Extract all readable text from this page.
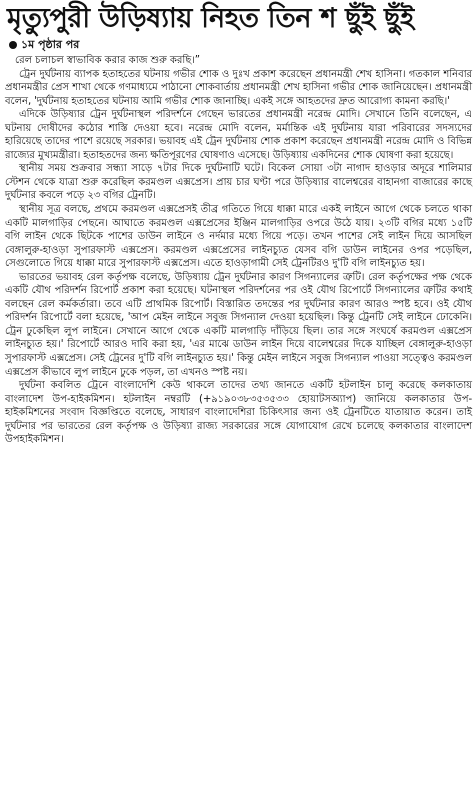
মৃত্যুপুরী উড়িষ্যায় নিহত তিন শ ছুঁই ছুঁই
১ম পৃষ্ঠার পর

রেল চলাচল স্বাভাবিক করার কাজ শুরু করছি।”

ট্রেন দুর্ঘটনায় ব্যাপক হতাহতের ঘটনায় গভীর শোক ও দুঃখ প্রকাশ করেছেন প্রধানমন্ত্রী শেখ হাসিনা। গতকাল শনিবার প্রধানমন্ত্রীর প্রেস শাখা থেকে গণমাধ্যমে পাঠানো শোকবার্তায় প্রধানমন্ত্রী শেখ হাসিনা গভীর শোক জানিয়েছেন। প্রধানমন্ত্রী বলেন, 'দুর্ঘটনায় হতাহতের ঘটনায় আমি গভীর শোক জানাচ্ছি। একই সঙ্গে আহতদের দ্রুত আরোগ্য কামনা করছি।'

এদিকে উড়িষ্যার ট্রেন দুর্ঘটনাস্থল পরিদর্শনে গেছেন ভারতের প্রধানমন্ত্রী নরেন্দ্র মোদি। সেখানে তিনি বলেছেন, এ ঘটনায় দোষীদের কঠোর শাস্তি দেওয়া হবে। নরেন্দ্র মোদি বলেন, মর্মান্তিক এই দুর্ঘটনায় যারা পরিবারের সদস্যদের হারিয়েছে তাদের পাশে রয়েছে সরকার। ভয়াবহ এই ট্রেন দুর্ঘটনায় শোক প্রকাশ করেছেন প্রধানমন্ত্রী নরেন্দ্র মোদি ও বিভিন্ন রাজ্যের মুখ্যমন্ত্রীরা। হতাহতদের জন্য ক্ষতিপূরণের ঘোষণাও এসেছে। উড়িষ্যায় একদিনের শোক ঘোষণা করা হয়েছে।

স্থানীয় সময় শুক্রবার সন্ধ্যা সাড়ে ৭টার দিকে দুর্ঘটনাটি ঘটে। বিকেল সোয়া ৩টা নাগাদ হাওড়ার অদূরে শালিমার স্টেশন থেকে যাত্রা শুরু করেছিল করমণ্ডল এক্সপ্রেস। প্রায় চার ঘণ্টা পরে উড়িষ্যার বালেশ্বরের বাহানগা বাজারের কাছে দুর্ঘটনার কবলে পড়ে ২৩ বগির ট্রেনটি।

স্থানীয় সূত্র বলছে, প্রথমে করমণ্ডল এক্সপ্রেসই তীব্র গতিতে গিয়ে ধাক্কা মারে একই লাইনে আগে থেকে চলতে থাকা একটি মালগাড়ির পেছনে। আঘাতে করমণ্ডল এক্সপ্রেসের ইঞ্জিন মালগাড়ির ওপরে উঠে যায়। ২৩টি বগির মধ্যে ১৫টি বগি লাইন থেকে ছিটকে পাশের ডাউন লাইনে ও নর্দমার মধ্যে গিয়ে পড়ে। তখন পাশের সেই লাইন দিয়ে আসছিল বেঙ্গালুরু-হাওড়া সুপারফাস্ট এক্সপ্রেস। করমণ্ডল এক্সপ্রেসের লাইনচ্যুত যেসব বগি ডাউন লাইনের ওপর পড়েছিল, সেগুলোতে গিয়ে ধাক্কা মারে সুপারফাস্ট এক্সপ্রেস। এতে হাওড়াগামী সেই ট্রেনটিরও দু'টি বগি লাইনচ্যুত হয়।

ভারতের ভয়াবহ রেল কর্তৃপক্ষ বলেছে, উড়িষ্যায় ট্রেন দুর্ঘটনার কারণ সিগন্যালের ত্রুটি। রেল কর্তৃপক্ষের পক্ষ থেকে একটি যৌথ পরিদর্শন রিপোর্ট প্রকাশ করা হয়েছে। ঘটনাস্থল পরিদর্শনের পর ওই যৌথ রিপোর্টে সিগন্যালের ত্রুটির কথাই বলছেন রেল কর্মকর্তারা। তবে এটি প্রাথমিক রিপোর্ট। বিস্তারিত তদন্তের পর দুর্ঘটনার কারণ আরও স্পষ্ট হবে। ওই যৌথ পরিদর্শন রিপোর্টে বলা হয়েছে, 'আপ মেইন লাইনে সবুজ সিগন্যাল দেওয়া হয়েছিল। কিন্তু ট্রেনটি সেই লাইনে ঢোকেনি। ট্রেন ঢুকেছিল লুপ লাইনে। সেখানে আগে থেকে একটি মালগাড়ি দাঁড়িয়ে ছিল। তার সঙ্গে সংঘর্ষে করমণ্ডল এক্সপ্রেস লাইনচ্যুত হয়।' রিপোর্টে আরও দাবি করা হয়, 'এর মাঝে ডাউন লাইন দিয়ে বালেশ্বরের দিকে যাচ্ছিল বেঙ্গালুরু-হাওড়া সুপারফাস্ট এক্সপ্রেস। সেই ট্রেনের দু'টি বগি লাইনচ্যুত হয়।' কিন্তু মেইন লাইনে সবুজ সিগন্যাল পাওয়া সত্ত্বেও করমণ্ডল এক্সপ্রেস কীভাবে লুপ লাইনে ঢুকে পড়ল, তা এখনও স্পষ্ট নয়।

দুর্ঘটনা কবলিত ট্রেনে বাংলাদেশি কেউ থাকলে তাদের তথ্য জানতে একটি হটলাইন চালু করেছে কলকাতায় বাংলাদেশ উপ-হাইকমিশন। হটলাইন নম্বরটি (+৯১৯০৩৮৩৫৩৫৩৩ হোয়াটসঅ্যাপ) জানিয়ে কলকাতার উপ-হাইকমিশনের সংবাদ বিজ্ঞপ্তিতে বলেছে, সাধারণ বাংলাদেশিরা চিকিৎসার জন্য ওই ট্রেনটিতে যাতায়াত করেন। তাই দুর্ঘটনার পর ভারতের রেল কর্তৃপক্ষ ও উড়িষ্যা রাজ্য সরকারের সঙ্গে যোগাযোগ রেখে চলেছে কলকাতার বাংলাদেশ উপহাইকমিশন।
